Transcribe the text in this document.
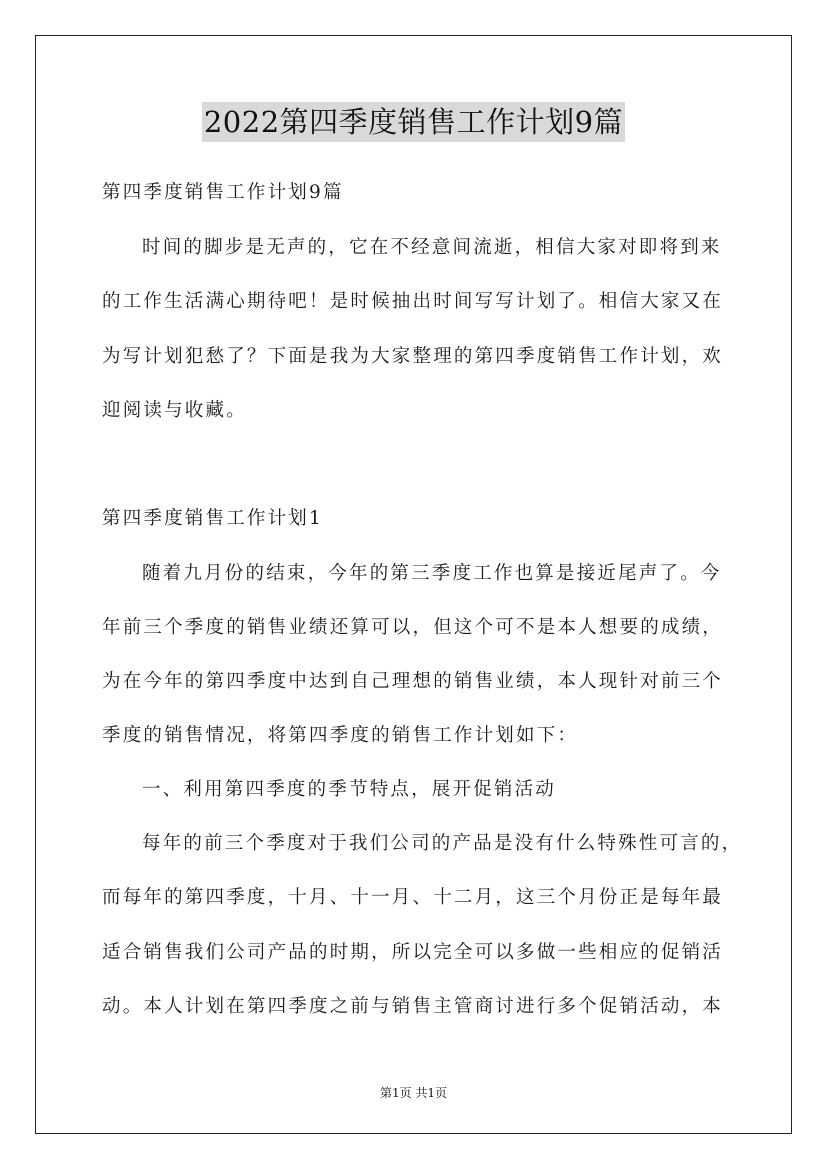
2022第四季度销售工作计划9篇
第四季度销售工作计划9篇
时间的脚步是无声的，它在不经意间流逝，相信大家对即将到来
的工作生活满心期待吧！是时候抽出时间写写计划了。相信大家又在
为写计划犯愁了？下面是我为大家整理的第四季度销售工作计划，欢
迎阅读与收藏。
第四季度销售工作计划1
随着九月份的结束，今年的第三季度工作也算是接近尾声了。今
年前三个季度的销售业绩还算可以，但这个可不是本人想要的成绩，
为在今年的第四季度中达到自己理想的销售业绩，本人现针对前三个
季度的销售情况，将第四季度的销售工作计划如下：
一、利用第四季度的季节特点，展开促销活动
每年的前三个季度对于我们公司的产品是没有什么特殊性可言的，
而每年的第四季度，十月、十一月、十二月，这三个月份正是每年最
适合销售我们公司产品的时期，所以完全可以多做一些相应的促销活
动。本人计划在第四季度之前与销售主管商讨进行多个促销活动，本
第1页 共1页
